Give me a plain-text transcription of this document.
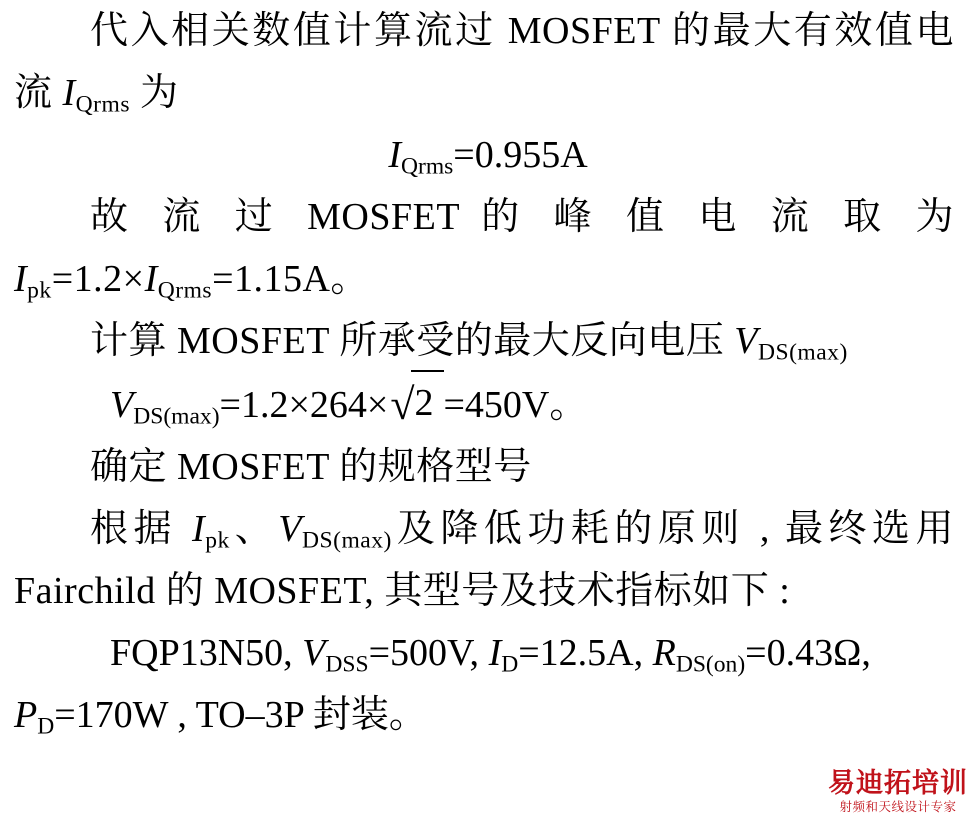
代入相关数值计算流过 MOSFET 的最大有效值电流 $I_{Qrms}$ 为

$I_{Qrms}=0.955A$

故 流 过 MOSFET 的 峰 值 电 流 取 为 $I_{pk}=1.2\times I_{Qrms}=1.15A$。

计算 MOSFET 所承受的最大反向电压 $V_{DS(max)}$

$V_{DS(max)}=1.2\times 264\times√2 =450V$。

确定 MOSFET 的规格型号

根据 $I_{pk}$、$V_{DS(max)}$及降低功耗的原则 , 最终选用Fairchild 的 MOSFET, 其型号及技术指标如下 :

FQP13N50, $V_{DSS}=500V$, $I_D=12.5A$, $R_{DS(on)}=0.43\Omega$,

$P_D=170W$ , TO–3P 封装。

易迪拓培训
射频和天线设计专家
